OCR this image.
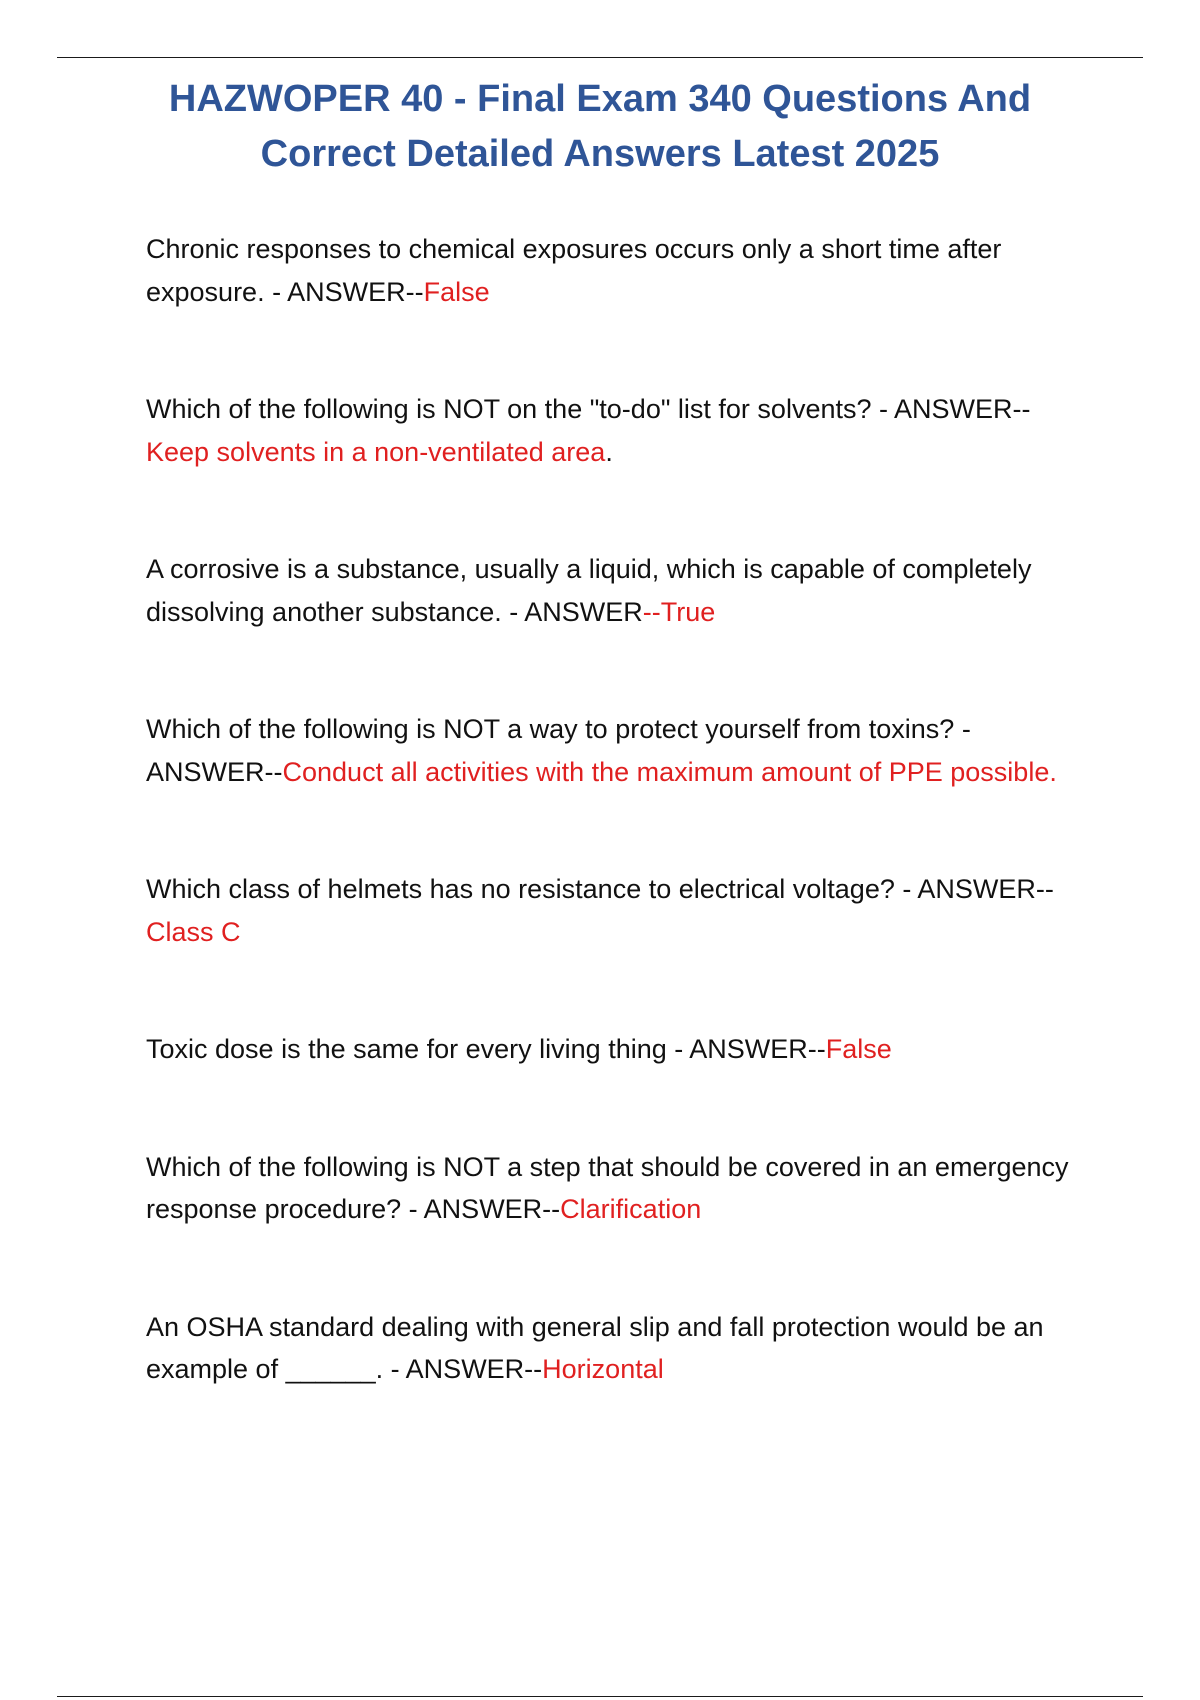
HAZWOPER 40 - Final Exam 340 Questions And
Correct Detailed Answers Latest 2025
Chronic responses to chemical exposures occurs only a short time after exposure. - ANSWER--False
Which of the following is NOT on the "to-do" list for solvents? - ANSWER--Keep solvents in a non-ventilated area.
A corrosive is a substance, usually a liquid, which is capable of completely dissolving another substance. - ANSWER--True
Which of the following is NOT a way to protect yourself from toxins? - ANSWER--Conduct all activities with the maximum amount of PPE possible.
Which class of helmets has no resistance to electrical voltage? - ANSWER--Class C
Toxic dose is the same for every living thing - ANSWER--False
Which of the following is NOT a step that should be covered in an emergency response procedure? - ANSWER--Clarification
An OSHA standard dealing with general slip and fall protection would be an example of ______. - ANSWER--Horizontal
